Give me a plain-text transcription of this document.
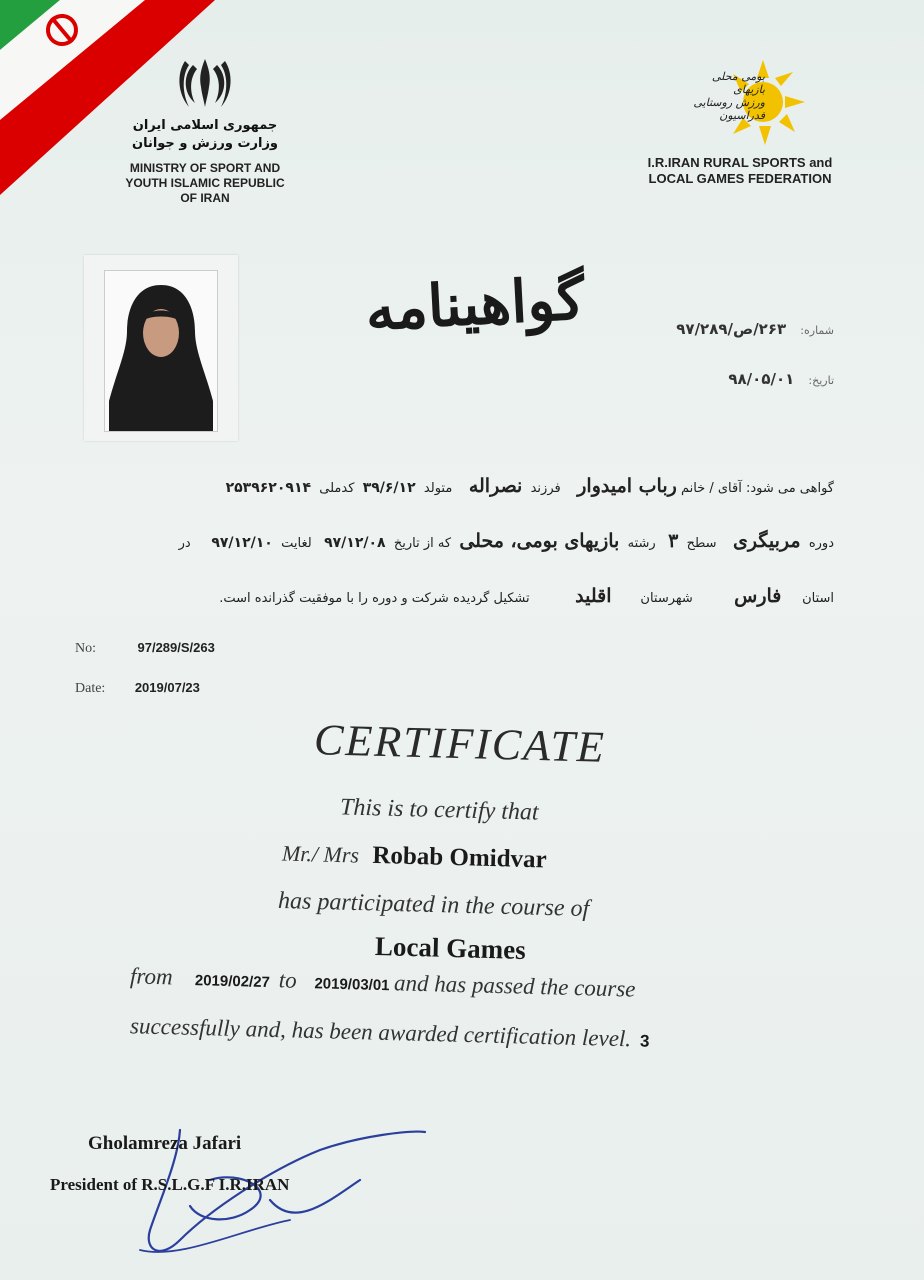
جمهوری اسلامی ایران
وزارت ورزش و جوانان
MINISTRY OF SPORT AND
YOUTH ISLAMIC REPUBLIC
OF IRAN
بومی محلی
بازیهای
ورزش روستایی
فدراسیون
I.R.IRAN RURAL SPORTS and
LOCAL GAMES FEDERATION
گواهینامه	شماره: ۲۶۳/ص/۹۷/۲۸۹
تاریخ: ۹۸/۰۵/۰۱
گواهی می شود: آقای / خانم رباب امیدوار    فرزند  نصراله    متولد  ۳۹/۶/۱۲  کدملی  ۲۵۳۹۶۲۰۹۱۴
دوره  مربیگری    سطح  ۳   رشته  بازیهای بومی، محلی  که از تاریخ  ۹۷/۱۲/۰۸   لغایت  ۹۷/۱۲/۱۰     در
استان     فارس          شهرستان       اقلید           تشکیل گردیده شرکت و دوره را با موفقیت گذرانده است.
No:	97/289/S/263
Date: 2019/07/23
CERTIFICATE
This is to certify that
Mr./ Mrs Robab Omidvar
has participated in the course of
Local Games
from 2019/02/27 to 2019/03/01 and has passed the course
successfully and, has been awarded certification level. 3
Gholamreza Jafari
President of R.S.L.G.F I.R.IRAN
